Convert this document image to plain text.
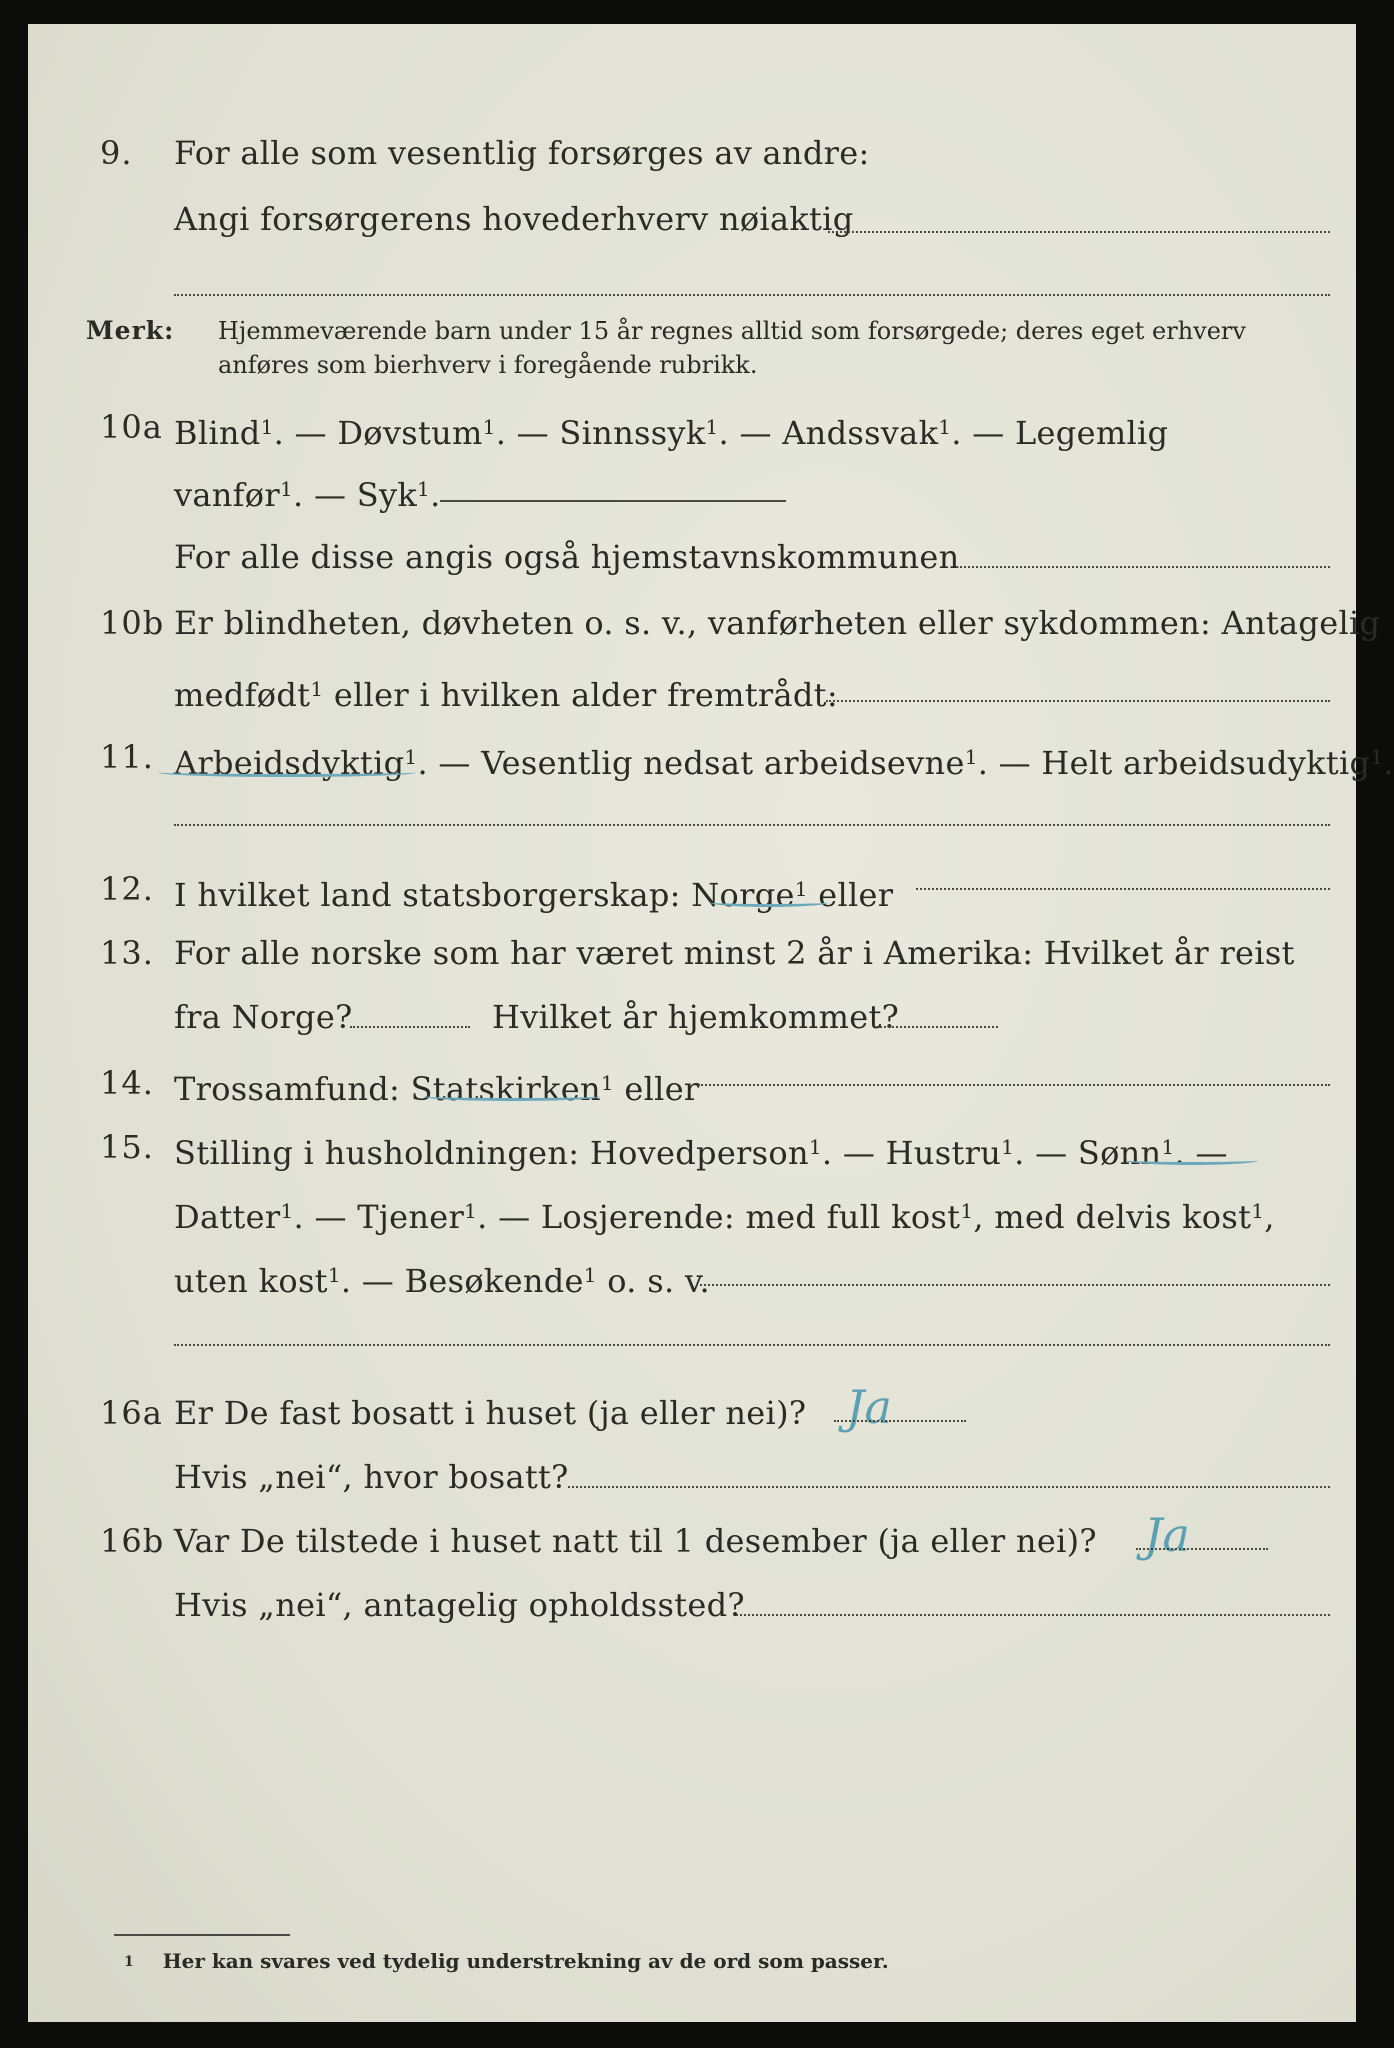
9. For alle som vesentlig forsørges av andre:
Angi forsørgerens hovederhverv nøiaktig
Merk: Hjemmeværende barn under 15 år regnes alltid som forsørgede; deres eget erhverv
anføres som bierhverv i foregående rubrikk.
10a Blind$^1$. — Døvstum$^1$. — Sinnssyk$^1$. — Andssvak$^1$. — Legemlig
vanfør$^1$. — Syk$^1$.
For alle disse angis også hjemstavnskommunen
10b Er blindheten, døvheten o. s. v., vanførheten eller sykdommen: Antagelig
medfødt$^1$ eller i hvilken alder fremtrådt:
11. Arbeidsdyktig$^1$. — Vesentlig nedsat arbeidsevne$^1$. — Helt arbeidsudyktig$^1$.
12. I hvilket land statsborgerskap: Norge$^1$ eller
13. For alle norske som har været minst 2 år i Amerika: Hvilket år reist
fra Norge?	Hvilket år hjemkommet?
14. Trossamfund: Statskirken$^1$ eller
15. Stilling i husholdningen: Hovedperson$^1$. — Hustru$^1$. — Sønn$^1$. —
Datter$^1$. — Tjener$^1$. — Losjerende: med full kost$^1$, med delvis kost$^1$,
uten kost$^1$. — Besøkende$^1$ o. s. v.
16a Er De fast bosatt i huset (ja eller nei)? Ja
Hvis „nei“, hvor bosatt?
16b Var De tilstede i huset natt til 1 desember (ja eller nei)? Ja
Hvis „nei“, antagelig opholdssted?
1 Her kan svares ved tydelig understrekning av de ord som passer.
